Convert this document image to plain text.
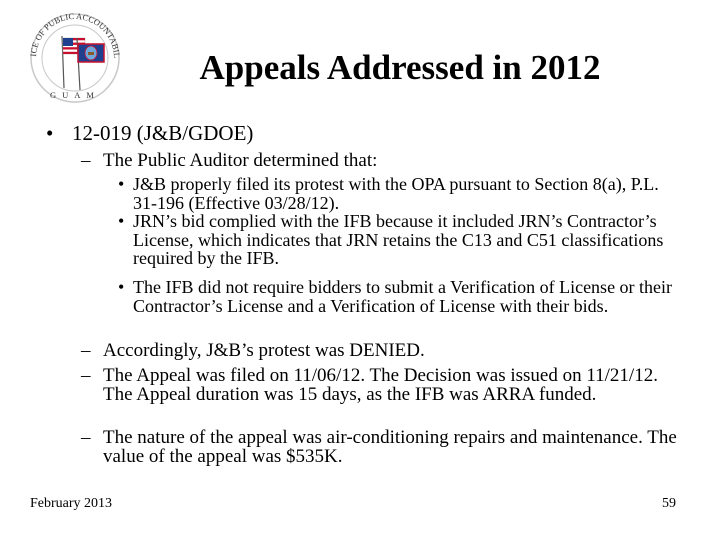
ICE OF PUBLIC ACCOUNTABIL
GUAM
Appeals Addressed in 2012
• 12-019 (J&B/GDOE)
– The Public Auditor determined that:
• J&B properly filed its protest with the OPA pursuant to Section 8(a), P.L. 31-196 (Effective 03/28/12).
• JRN’s bid complied with the IFB because it included JRN’s Contractor’s License, which indicates that JRN retains the C13 and C51 classifications required by the IFB.
• The IFB did not require bidders to submit a Verification of License or their Contractor’s License and a Verification of License with their bids.
– Accordingly, J&B’s protest was DENIED.
– The Appeal was filed on 11/06/12. The Decision was issued on 11/21/12. The Appeal duration was 15 days, as the IFB was ARRA funded.
– The nature of the appeal was air-conditioning repairs and maintenance. The value of the appeal was $535K.
February 2013	59
